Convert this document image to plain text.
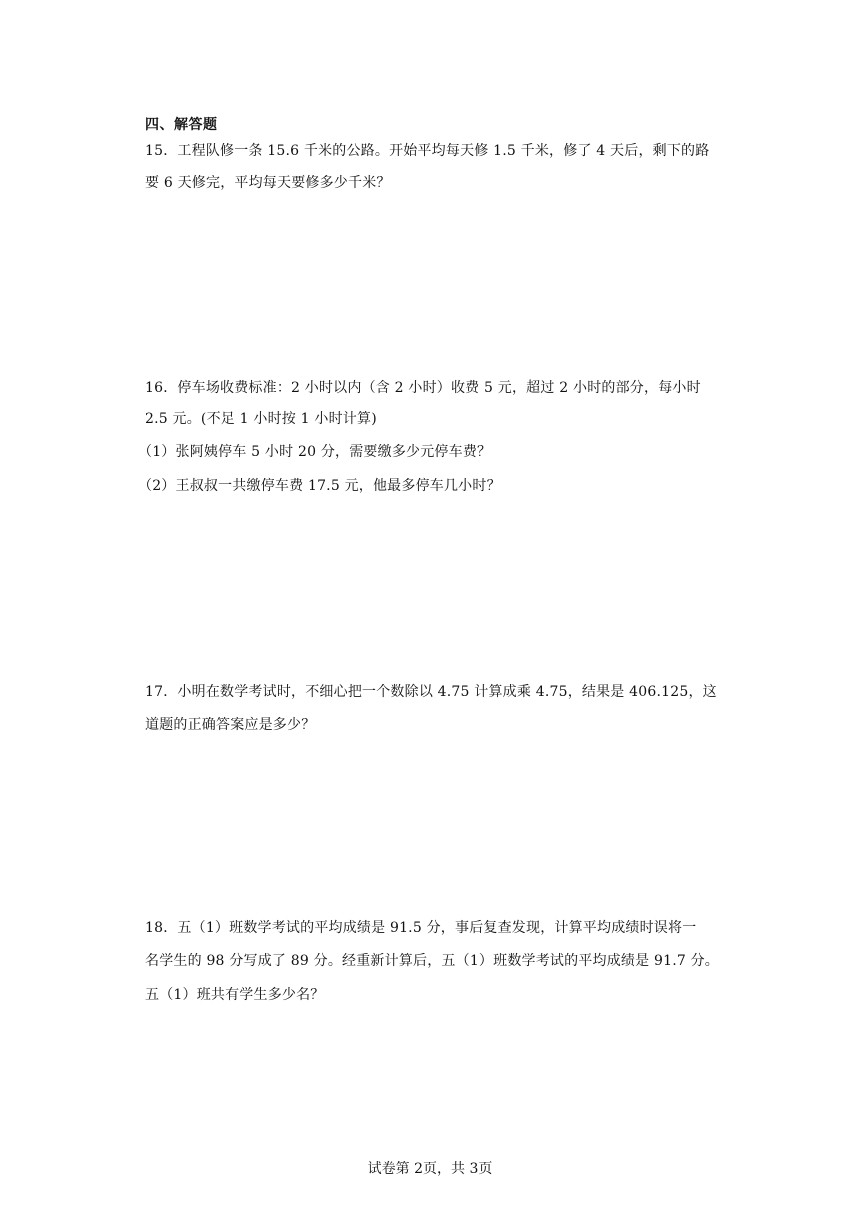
四、解答题
15．工程队修一条 15.6 千米的公路。开始平均每天修 1.5 千米，修了 4 天后，剩下的路
要 6 天修完，平均每天要修多少千米？
16．停车场收费标准：2 小时以内（含 2 小时）收费 5 元，超过 2 小时的部分，每小时
2.5 元。(不足 1 小时按 1 小时计算)
（1）张阿姨停车 5 小时 20 分，需要缴多少元停车费？
（2）王叔叔一共缴停车费 17.5 元，他最多停车几小时？
17．小明在数学考试时，不细心把一个数除以 4.75 计算成乘 4.75，结果是 406.125，这
道题的正确答案应是多少？
18．五（1）班数学考试的平均成绩是 91.5 分，事后复查发现，计算平均成绩时误将一
名学生的 98 分写成了 89 分。经重新计算后，五（1）班数学考试的平均成绩是 91.7 分。
五（1）班共有学生多少名？
试卷第 2页，共 3页
